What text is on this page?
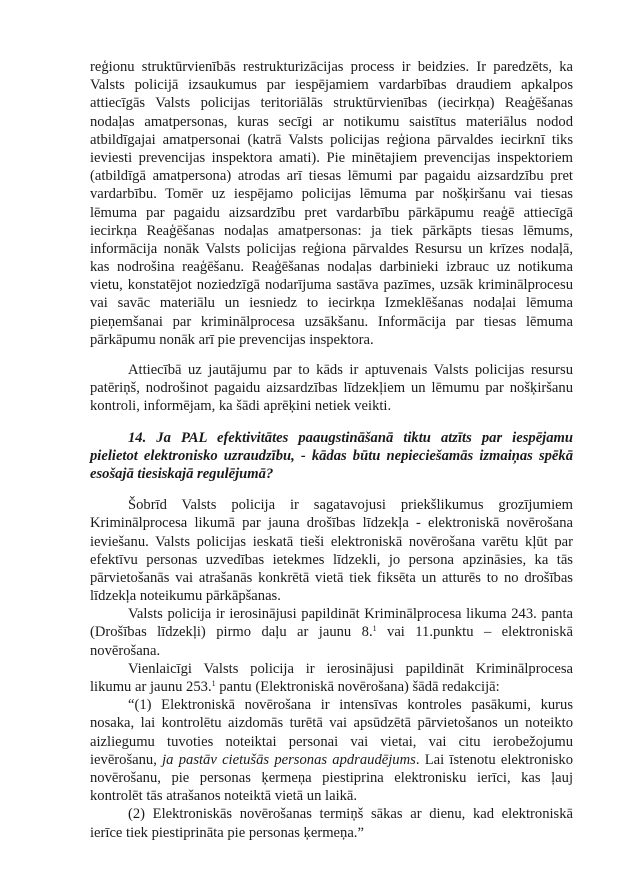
reģionu struktūrvienībās restrukturizācijas process ir beidzies. Ir paredzēts, ka
Valsts policijā izsaukumus par iespējamiem vardarbības draudiem apkalpos
attiecīgās Valsts policijas teritoriālās struktūrvienības (iecirkņa) Reaģēšanas
nodaļas amatpersonas, kuras secīgi ar notikumu saistītus materiālus nodod
atbildīgajai amatpersonai (katrā Valsts policijas reģiona pārvaldes iecirknī tiks
ieviesti prevencijas inspektora amati). Pie minētajiem prevencijas inspektoriem
(atbildīgā amatpersona) atrodas arī tiesas lēmumi par pagaidu aizsardzību pret
vardarbību. Tomēr uz iespējamo policijas lēmuma par nošķiršanu vai tiesas
lēmuma par pagaidu aizsardzību pret vardarbību pārkāpumu reaģē attiecīgā
iecirkņa Reaģēšanas nodaļas amatpersonas: ja tiek pārkāpts tiesas lēmums,
informācija nonāk Valsts policijas reģiona pārvaldes Resursu un krīzes nodaļā,
kas nodrošina reaģēšanu. Reaģēšanas nodaļas darbinieki izbrauc uz notikuma
vietu, konstatējot noziedzīgā nodarījuma sastāva pazīmes, uzsāk kriminālprocesu
vai savāc materiālu un iesniedz to iecirkņa Izmeklēšanas nodaļai lēmuma
pieņemšanai par kriminālprocesa uzsākšanu. Informācija par tiesas lēmuma
pārkāpumu nonāk arī pie prevencijas inspektora.
Attiecībā uz jautājumu par to kāds ir aptuvenais Valsts policijas resursu
patēriņš, nodrošinot pagaidu aizsardzības līdzekļiem un lēmumu par nošķiršanu
kontroli, informējam, ka šādi aprēķini netiek veikti.
14. Ja PAL efektivitātes paaugstināšanā tiktu atzīts par iespējamu
pielietot elektronisko uzraudzību, - kādas būtu nepieciešamās izmaiņas spēkā
esošajā tiesiskajā regulējumā?
Šobrīd Valsts policija ir sagatavojusi priekšlikumus grozījumiem
Kriminālprocesa likumā par jauna drošības līdzekļa - elektroniskā novērošana
ieviešanu. Valsts policijas ieskatā tieši elektroniskā novērošana varētu kļūt par
efektīvu personas uzvedības ietekmes līdzekli, jo persona apzināsies, ka tās
pārvietošanās vai atrašanās konkrētā vietā tiek fiksēta un atturēs to no drošības
līdzekļa noteikumu pārkāpšanas.
Valsts policija ir ierosinājusi papildināt Kriminālprocesa likuma 243. panta
(Drošības līdzekļi) pirmo daļu ar jaunu 8.$^1$ vai 11.punktu – elektroniskā
novērošana.
Vienlaicīgi Valsts policija ir ierosinājusi papildināt Kriminālprocesa
likumu ar jaunu 253.$^1$ pantu (Elektroniskā novērošana) šādā redakcijā:
“(1) Elektroniskā novērošana ir intensīvas kontroles pasākumi, kurus
nosaka, lai kontrolētu aizdomās turētā vai apsūdzētā pārvietošanos un noteikto
aizliegumu tuvoties noteiktai personai vai vietai, vai citu ierobežojumu
ievērošanu, ja pastāv cietušās personas apdraudējums. Lai īstenotu elektronisko
novērošanu, pie personas ķermeņa piestiprina elektronisku ierīci, kas ļauj
kontrolēt tās atrašanos noteiktā vietā un laikā.
(2) Elektroniskās novērošanas termiņš sākas ar dienu, kad elektroniskā
ierīce tiek piestiprināta pie personas ķermeņa.”
